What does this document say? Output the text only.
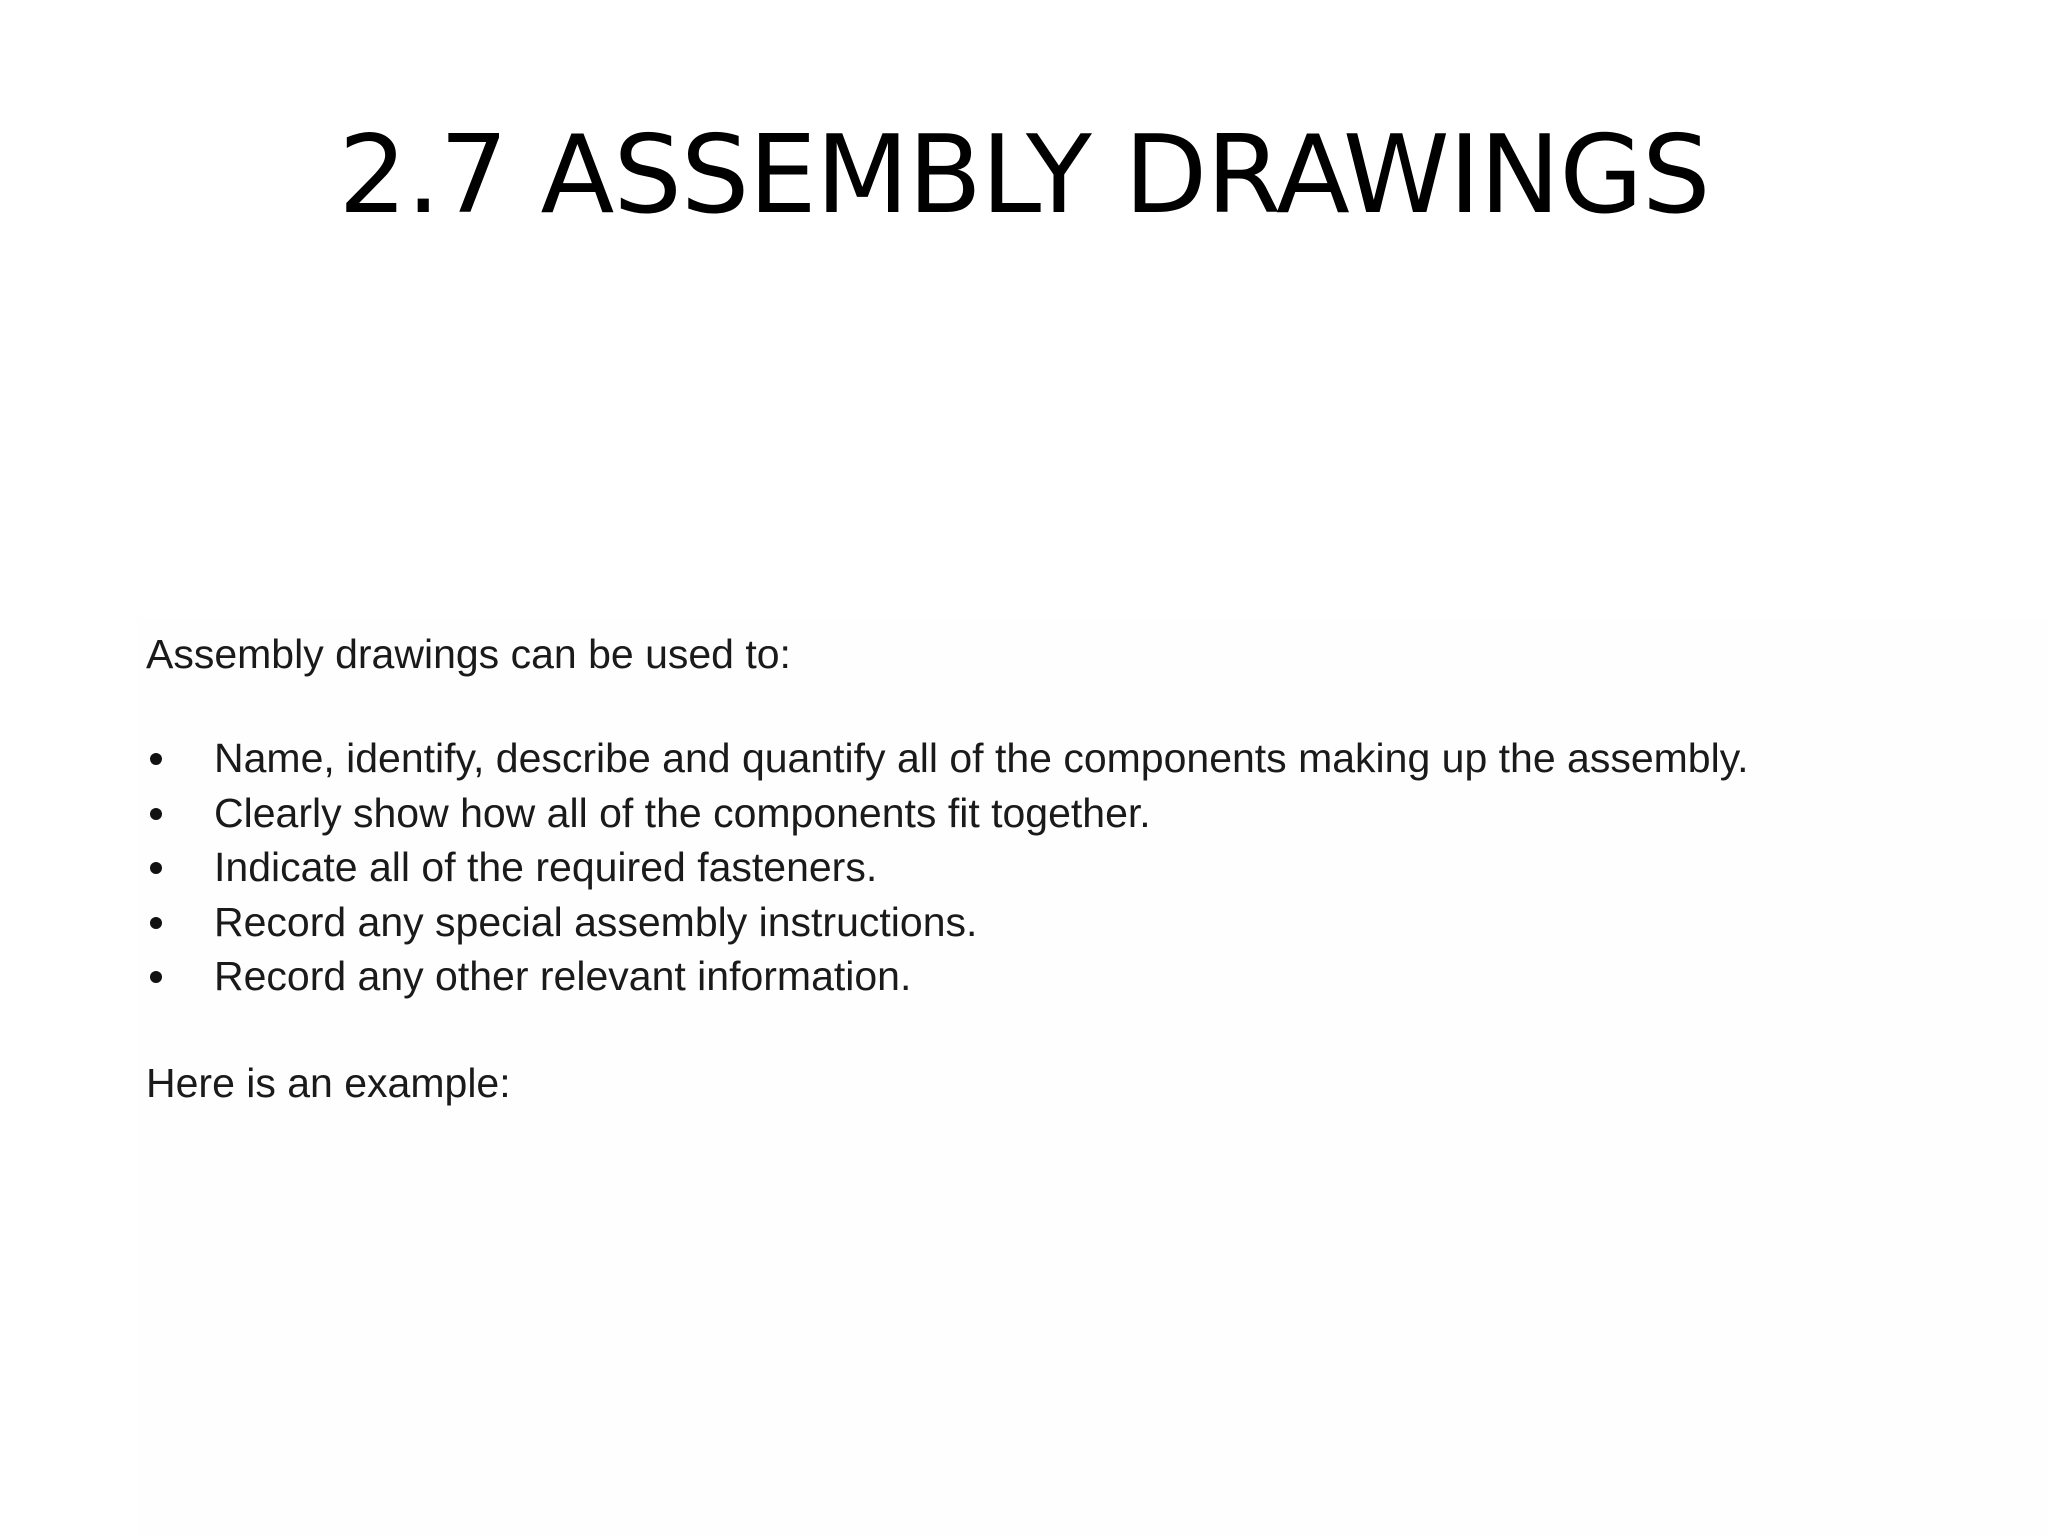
2.7 ASSEMBLY DRAWINGS
Assembly drawings can be used to:
Name, identify, describe and quantify all of the components making up the assembly.
Clearly show how all of the components fit together.
Indicate all of the required fasteners.
Record any special assembly instructions.
Record any other relevant information.
Here is an example:
